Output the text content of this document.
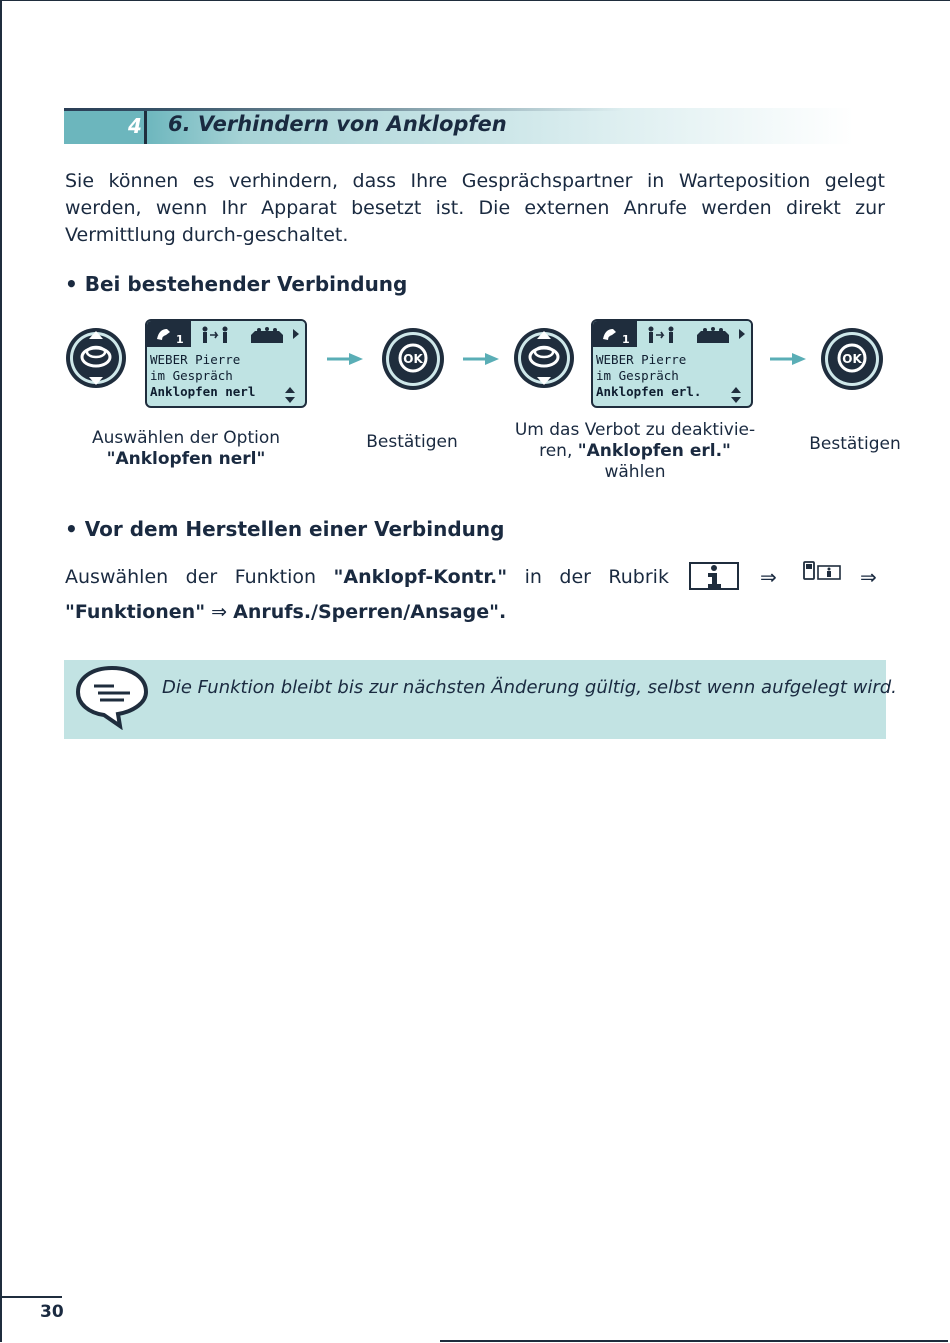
4 6. Verhindern von Anklopfen
Sie können es verhindern, dass Ihre Gesprächspartner in Warteposition gelegt werden, wenn Ihr Apparat besetzt ist. Die externen Anrufe werden direkt zur Vermittlung durch-geschaltet.
• Bei bestehender Verbindung
WEBER Pierre
im Gespräch
Anklopfen nerl
OK	WEBER Pierre
im Gespräch
Anklopfen erl.
OK
Auswählen der Option
"Anklopfen nerl"
Bestätigen
Um das Verbot zu deaktivie-
ren, "Anklopfen erl."
wählen
Bestätigen
• Vor dem Herstellen einer Verbindung
Auswählen der Funktion "Anklopf-Kontr." in der Rubrik	⇒	⇒
"Funktionen" ⇒ Anrufs./Sperren/Ansage".
Die Funktion bleibt bis zur nächsten Änderung gültig, selbst wenn aufgelegt wird.
30
